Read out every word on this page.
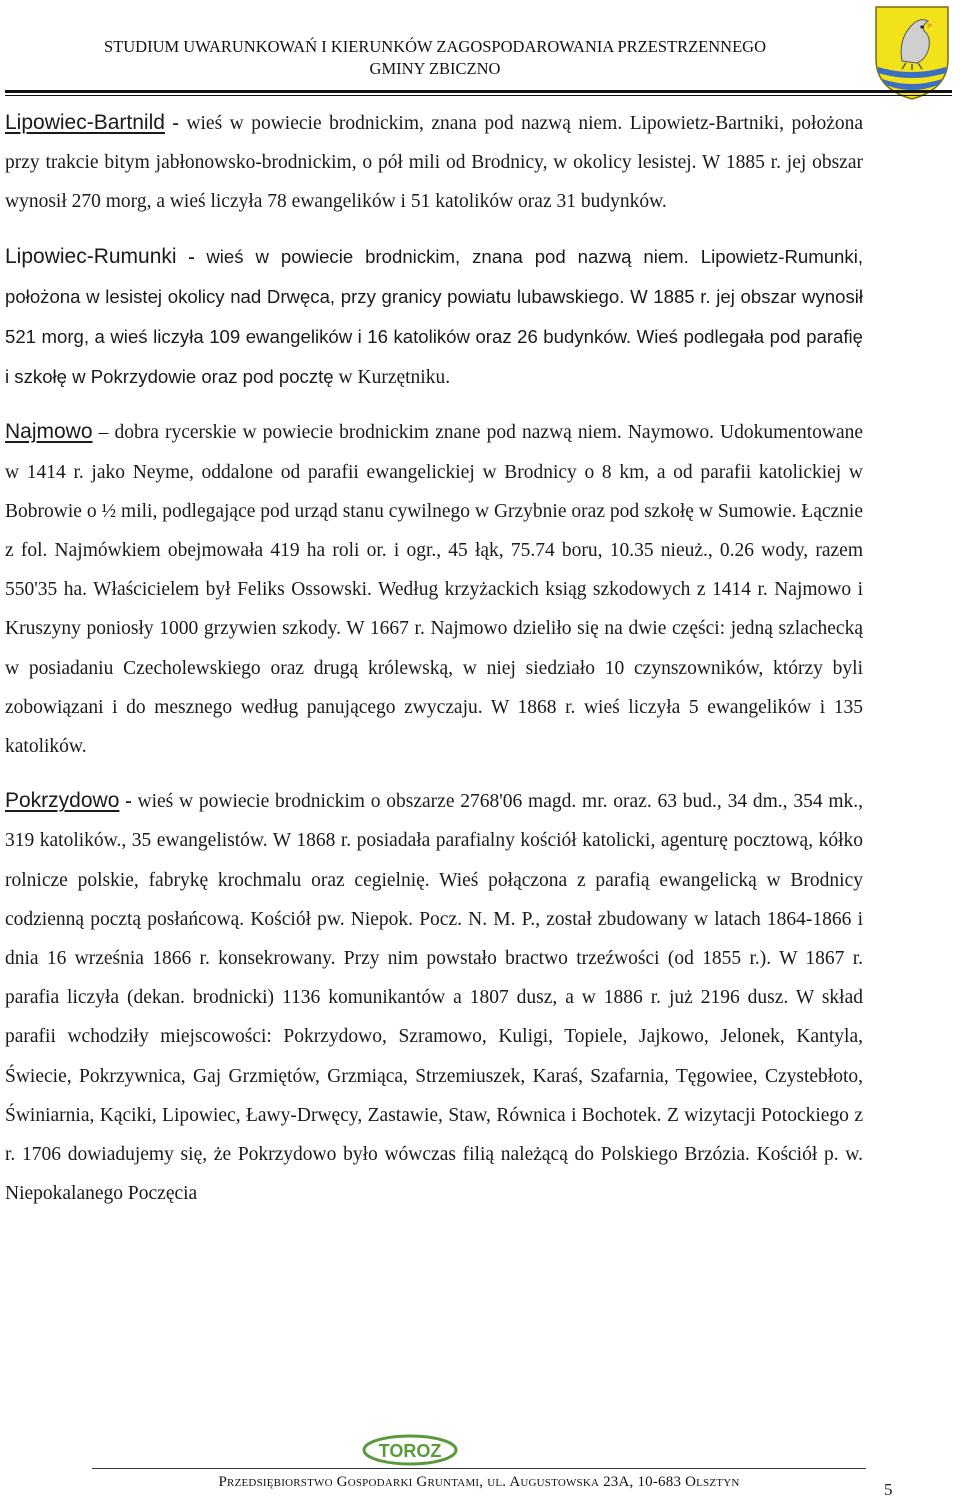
STUDIUM UWARUNKOWAŃ I KIERUNKÓW ZAGOSPODAROWANIA PRZESTRZENNEGO
GMINY ZBICZNO

Lipowiec-Bartnild - wieś w powiecie brodnickim, znana pod nazwą niem. Lipowietz-Bartniki, położona przy trakcie bitym jabłonowsko-brodnickim, o pół mili od Brodnicy, w okolicy lesistej. W 1885 r. jej obszar wynosił 270 morg, a wieś liczyła 78 ewangelików i 51 katolików oraz 31 budynków.

Lipowiec-Rumunki - wieś w powiecie brodnickim, znana pod nazwą niem. Lipowietz-Rumunki, położona w lesistej okolicy nad Drwęca, przy granicy powiatu lubawskiego. W 1885 r. jej obszar wynosił 521 morg, a wieś liczyła 109 ewangelików i 16 katolików oraz 26 budynków. Wieś podlegała pod parafię i szkołę w Pokrzydowie oraz pod pocztę w Kurzętniku.

Najmowo – dobra rycerskie w powiecie brodnickim znane pod nazwą niem. Naymowo. Udokumentowane w 1414 r. jako Neyme, oddalone od parafii ewangelickiej w Brodnicy o 8 km, a od parafii katolickiej w Bobrowie o ½ mili, podlegające pod urząd stanu cywilnego w Grzybnie oraz pod szkołę w Sumowie. Łącznie z fol. Najmówkiem obejmowała 419 ha roli or. i ogr., 45 łąk, 75.74 boru, 10.35 nieuż., 0.26 wody, razem 550'35 ha. Właścicielem był Feliks Ossowski. Według krzyżackich ksiąg szkodowych z 1414 r. Najmowo i Kruszyny poniosły 1000 grzywien szkody. W 1667 r. Najmowo dzieliło się na dwie części: jedną szlachecką w posiadaniu Czecholewskiego oraz drugą królewską, w niej siedziało 10 czynszowników, którzy byli zobowiązani i do mesznego według panującego zwyczaju. W 1868 r. wieś liczyła 5 ewangelików i 135 katolików.

Pokrzydowo - wieś w powiecie brodnickim o obszarze 2768'06 magd. mr. oraz. 63 bud., 34 dm., 354 mk., 319 katolików., 35 ewangelistów. W 1868 r. posiadała parafialny kościół katolicki, agenturę pocztową, kółko rolnicze polskie, fabrykę krochmalu oraz cegielnię. Wieś połączona z parafią ewangelicką w Brodnicy codzienną pocztą posłańcową. Kościół pw. Niepok. Pocz. N. M. P., został zbudowany w latach 1864-1866 i dnia 16 września 1866 r. konsekrowany. Przy nim powstało bractwo trzeźwości (od 1855 r.). W 1867 r. parafia liczyła (dekan. brodnicki) 1136 komunikantów a 1807 dusz, a w 1886 r. już 2196 dusz. W skład parafii wchodziły miejscowości: Pokrzydowo, Szramowo, Kuligi, Topiele, Jajkowo, Jelonek, Kantyla, Świecie, Pokrzywnica, Gaj Grzmiętów, Grzmiąca, Strzemiuszek, Karaś, Szafarnia, Tęgowiee, Czystebłoto, Świniarnia, Kąciki, Lipowiec, Ławy-Drwęcy, Zastawie, Staw, Równica i Bochotek. Z wizytacji Potockiego z r. 1706 dowiadujemy się, że Pokrzydowo było wówczas filią należącą do Polskiego Brzózia. Kościół p. w. Niepokalanego Poczęcia

TOROZ
Przedsiębiorstwo Gospodarki Gruntami, ul. Augustowska 23A, 10-683 Olsztyn	5
